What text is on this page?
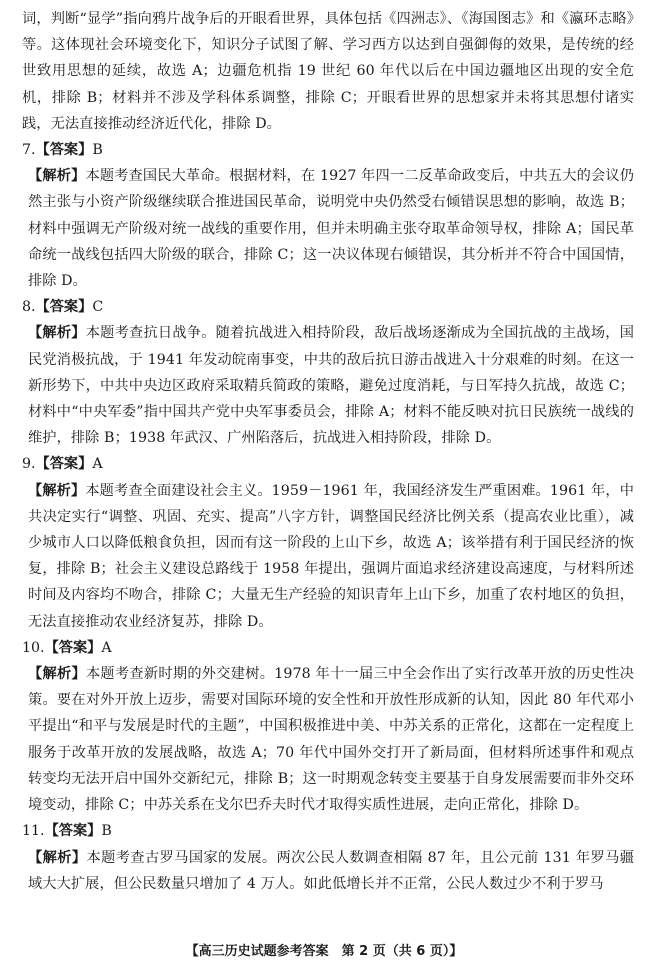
词，判断“显学”指向鸦片战争后的开眼看世界，具体包括《四洲志》、《海国图志》和《瀛环志略》等。这体现社会环境变化下，知识分子试图了解、学习西方以达到自强御侮的效果，是传统的经世致用思想的延续，故选 A；边疆危机指 19 世纪 60 年代以后在中国边疆地区出现的安全危机，排除 B；材料并不涉及学科体系调整，排除 C；开眼看世界的思想家并未将其思想付诸实践，无法直接推动经济近代化，排除 D。

7.【答案】B

【解析】本题考查国民大革命。根据材料，在 1927 年四一二反革命政变后，中共五大的会议仍然主张与小资产阶级继续联合推进国民革命，说明党中央仍然受右倾错误思想的影响，故选 B；材料中强调无产阶级对统一战线的重要作用，但并未明确主张夺取革命领导权，排除 A；国民革命统一战线包括四大阶级的联合，排除 C；这一决议体现右倾错误，其分析并不符合中国国情，排除 D。

8.【答案】C

【解析】本题考查抗日战争。随着抗战进入相持阶段，敌后战场逐渐成为全国抗战的主战场，国民党消极抗战，于 1941 年发动皖南事变，中共的敌后抗日游击战进入十分艰难的时刻。在这一新形势下，中共中央边区政府采取精兵简政的策略，避免过度消耗，与日军持久抗战，故选 C；材料中“中央军委”指中国共产党中央军事委员会，排除 A；材料不能反映对抗日民族统一战线的维护，排除 B；1938 年武汉、广州陷落后，抗战进入相持阶段，排除 D。

9.【答案】A

【解析】本题考查全面建设社会主义。1959－1961 年，我国经济发生严重困难。1961 年，中共决定实行“调整、巩固、充实、提高”八字方针，调整国民经济比例关系（提高农业比重），减少城市人口以降低粮食负担，因而有这一阶段的上山下乡，故选 A；该举措有利于国民经济的恢复，排除 B；社会主义建设总路线于 1958 年提出，强调片面追求经济建设高速度，与材料所述时间及内容均不吻合，排除 C；大量无生产经验的知识青年上山下乡，加重了农村地区的负担，无法直接推动农业经济复苏，排除 D。

10.【答案】A

【解析】本题考查新时期的外交建树。1978 年十一届三中全会作出了实行改革开放的历史性决策。要在对外开放上迈步，需要对国际环境的安全性和开放性形成新的认知，因此 80 年代邓小平提出“和平与发展是时代的主题”，中国积极推进中美、中苏关系的正常化，这都在一定程度上服务于改革开放的发展战略，故选 A；70 年代中国外交打开了新局面，但材料所述事件和观点转变均无法开启中国外交新纪元，排除 B；这一时期观念转变主要基于自身发展需要而非外交环境变动，排除 C；中苏关系在戈尔巴乔夫时代才取得实质性进展，走向正常化，排除 D。

11.【答案】B

【解析】本题考查古罗马国家的发展。两次公民人数调查相隔 87 年，且公元前 131 年罗马疆域大大扩展，但公民数量只增加了 4 万人。如此低增长并不正常，公民人数过少不利于罗马

【高三历史试题参考答案　第 2 页（共 6 页）】
